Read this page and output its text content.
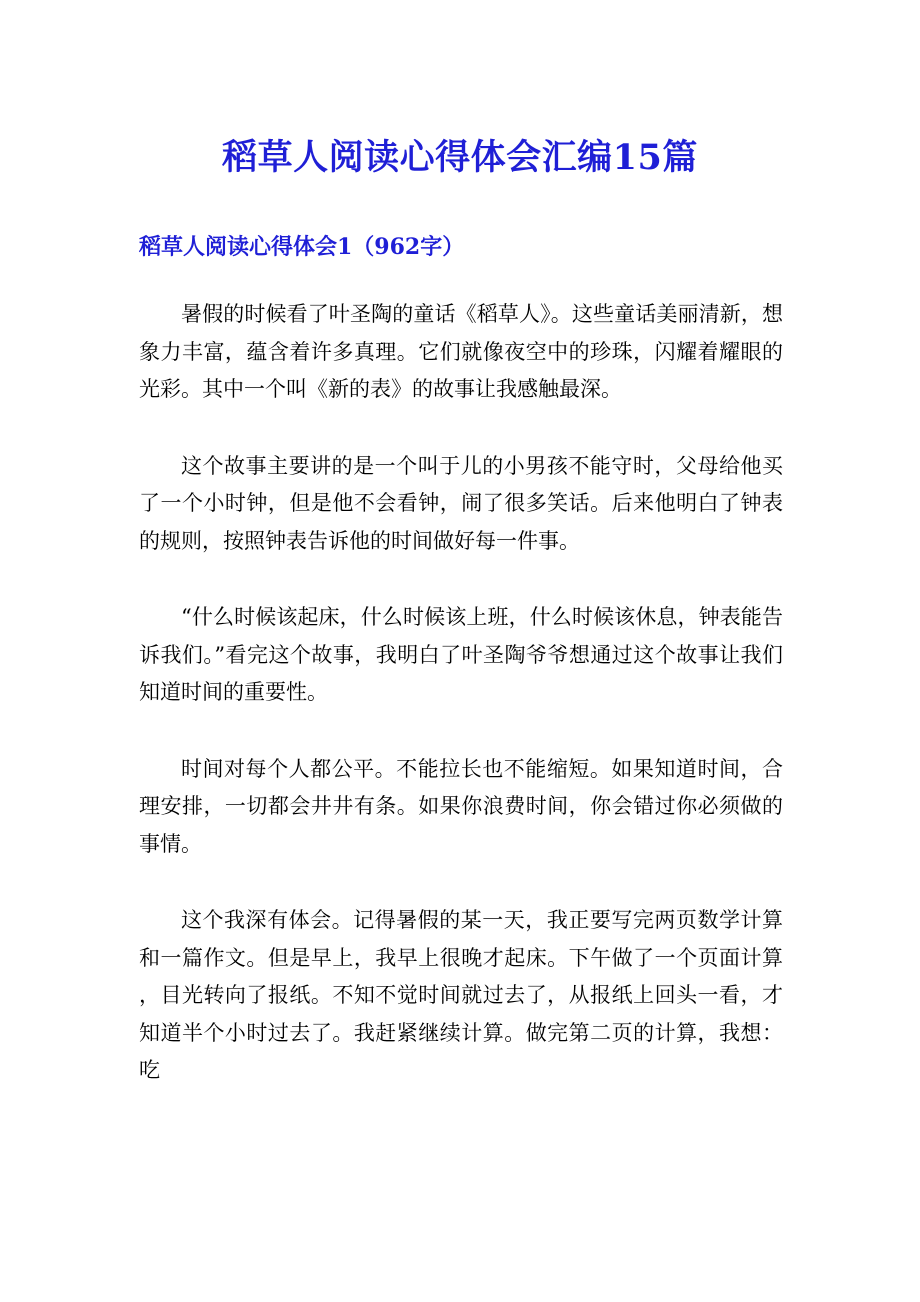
稻草人阅读心得体会汇编15篇
稻草人阅读心得体会1（962字）

暑假的时候看了叶圣陶的童话《稻草人》。这些童话美丽清新，想象力丰富，蕴含着许多真理。它们就像夜空中的珍珠，闪耀着耀眼的光彩。其中一个叫《新的表》的故事让我感触最深。

这个故事主要讲的是一个叫于儿的小男孩不能守时，父母给他买了一个小时钟，但是他不会看钟，闹了很多笑话。后来他明白了钟表的规则，按照钟表告诉他的时间做好每一件事。

“什么时候该起床，什么时候该上班，什么时候该休息，钟表能告诉我们。”看完这个故事，我明白了叶圣陶爷爷想通过这个故事让我们知道时间的重要性。

时间对每个人都公平。不能拉长也不能缩短。如果知道时间，合理安排，一切都会井井有条。如果你浪费时间，你会错过你必须做的事情。

这个我深有体会。记得暑假的某一天，我正要写完两页数学计算和一篇作文。但是早上，我早上很晚才起床。下午做了一个页面计算，目光转向了报纸。不知不觉时间就过去了，从报纸上回头一看，才知道半个小时过去了。我赶紧继续计算。做完第二页的计算，我想：吃
